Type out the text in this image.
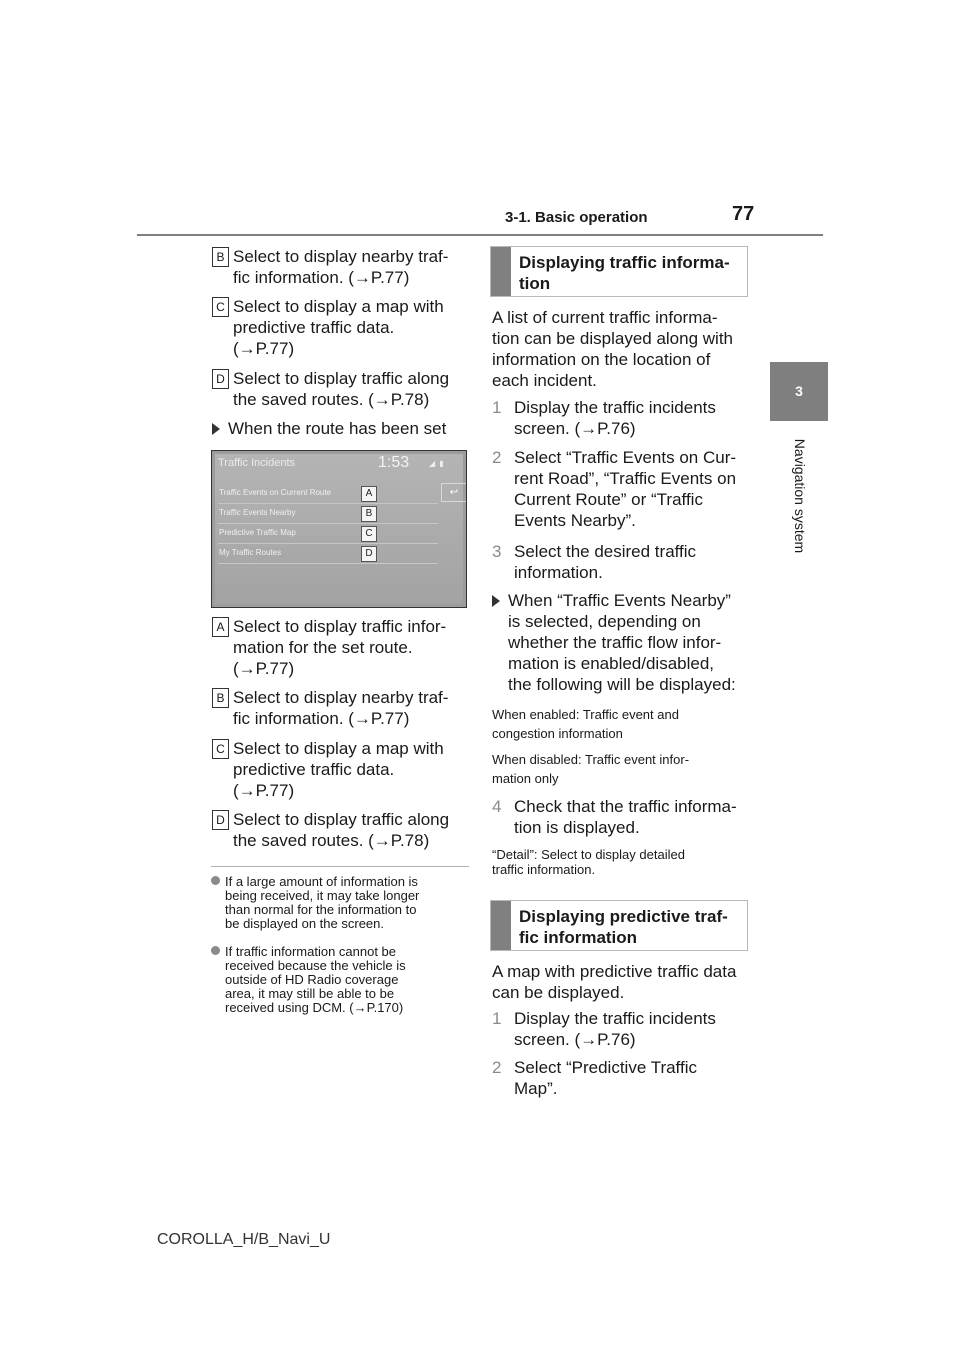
3-1. Basic operation	77
3
Navigation system
B Select to display nearby traf-
fic information. (→P.77)
C Select to display a map with
predictive traffic data.
(→P.77)
D Select to display traffic along
the saved routes. (→P.78)
When the route has been set
Traffic Incidents	1:53 ◢ ▮
↩
Traffic Events on Current Route	A
Traffic Events Nearby	B
Predictive Traffic Map	C
My Traffic Routes	D
A Select to display traffic infor-
mation for the set route.
(→P.77)
B Select to display nearby traf-
fic information. (→P.77)
C Select to display a map with
predictive traffic data.
(→P.77)
D Select to display traffic along
the saved routes. (→P.78)
If a large amount of information is
being received, it may take longer
than normal for the information to
be displayed on the screen.
If traffic information cannot be
received because the vehicle is
outside of HD Radio coverage
area, it may still be able to be
received using DCM. (→P.170)
Displaying traffic informa-
tion
A list of current traffic informa-
tion can be displayed along with
information on the location of
each incident.
1 Display the traffic incidents
screen. (→P.76)
2 Select “Traffic Events on Cur-
rent Road”, “Traffic Events on
Current Route” or “Traffic
Events Nearby”.
3 Select the desired traffic
information.
When “Traffic Events Nearby”
is selected, depending on
whether the traffic flow infor-
mation is enabled/disabled,
the following will be displayed:
When enabled: Traffic event and
congestion information
When disabled: Traffic event infor-
mation only
4 Check that the traffic informa-
tion is displayed.
“Detail”: Select to display detailed
traffic information.
Displaying predictive traf-
fic information
A map with predictive traffic data
can be displayed.
1 Display the traffic incidents
screen. (→P.76)
2 Select “Predictive Traffic
Map”.
COROLLA_H/B_Navi_U
